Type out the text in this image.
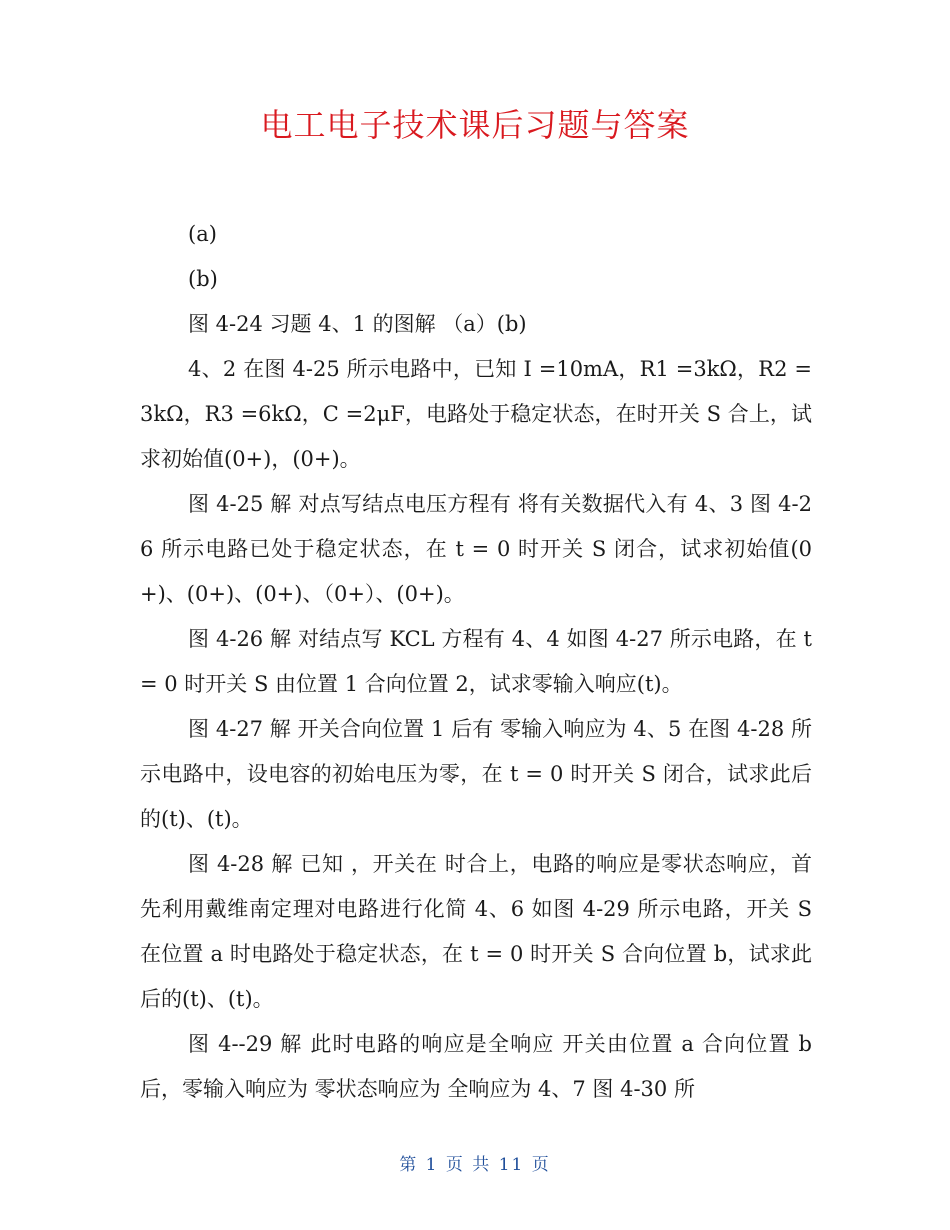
电工电子技术课后习题与答案

(a)

(b)

图 4-24 习题 4、1 的图解 （a）(b)

4、2 在图 4-25 所示电路中，已知 I =10mA，R1 =3kΩ，R2 =3kΩ，R3 =6kΩ，C =2μF，电路处于稳定状态，在时开关 S 合上，试求初始值(0+)，(0+)。

图 4-25 解 对点写结点电压方程有 将有关数据代入有 4、3 图 4-26 所示电路已处于稳定状态，在 t = 0 时开关 S 闭合，试求初始值(0+)、(0+)、(0+)、（0+）、(0+)。

图 4-26 解 对结点写 KCL 方程有 4、4 如图 4-27 所示电路，在 t = 0 时开关 S 由位置 1 合向位置 2，试求零输入响应(t)。

图 4-27 解 开关合向位置 1 后有 零输入响应为 4、5 在图 4-28 所示电路中，设电容的初始电压为零，在 t = 0 时开关 S 闭合，试求此后的(t)、(t)。

图 4-28 解 已知 ，开关在 时合上，电路的响应是零状态响应，首先利用戴维南定理对电路进行化简 4、6 如图 4-29 所示电路，开关 S 在位置 a 时电路处于稳定状态，在 t = 0 时开关 S 合向位置 b，试求此后的(t)、(t)。

图 4--29 解 此时电路的响应是全响应 开关由位置 a 合向位置 b 后，零输入响应为 零状态响应为 全响应为 4、7 图 4-30 所

第 1 页 共 11 页
